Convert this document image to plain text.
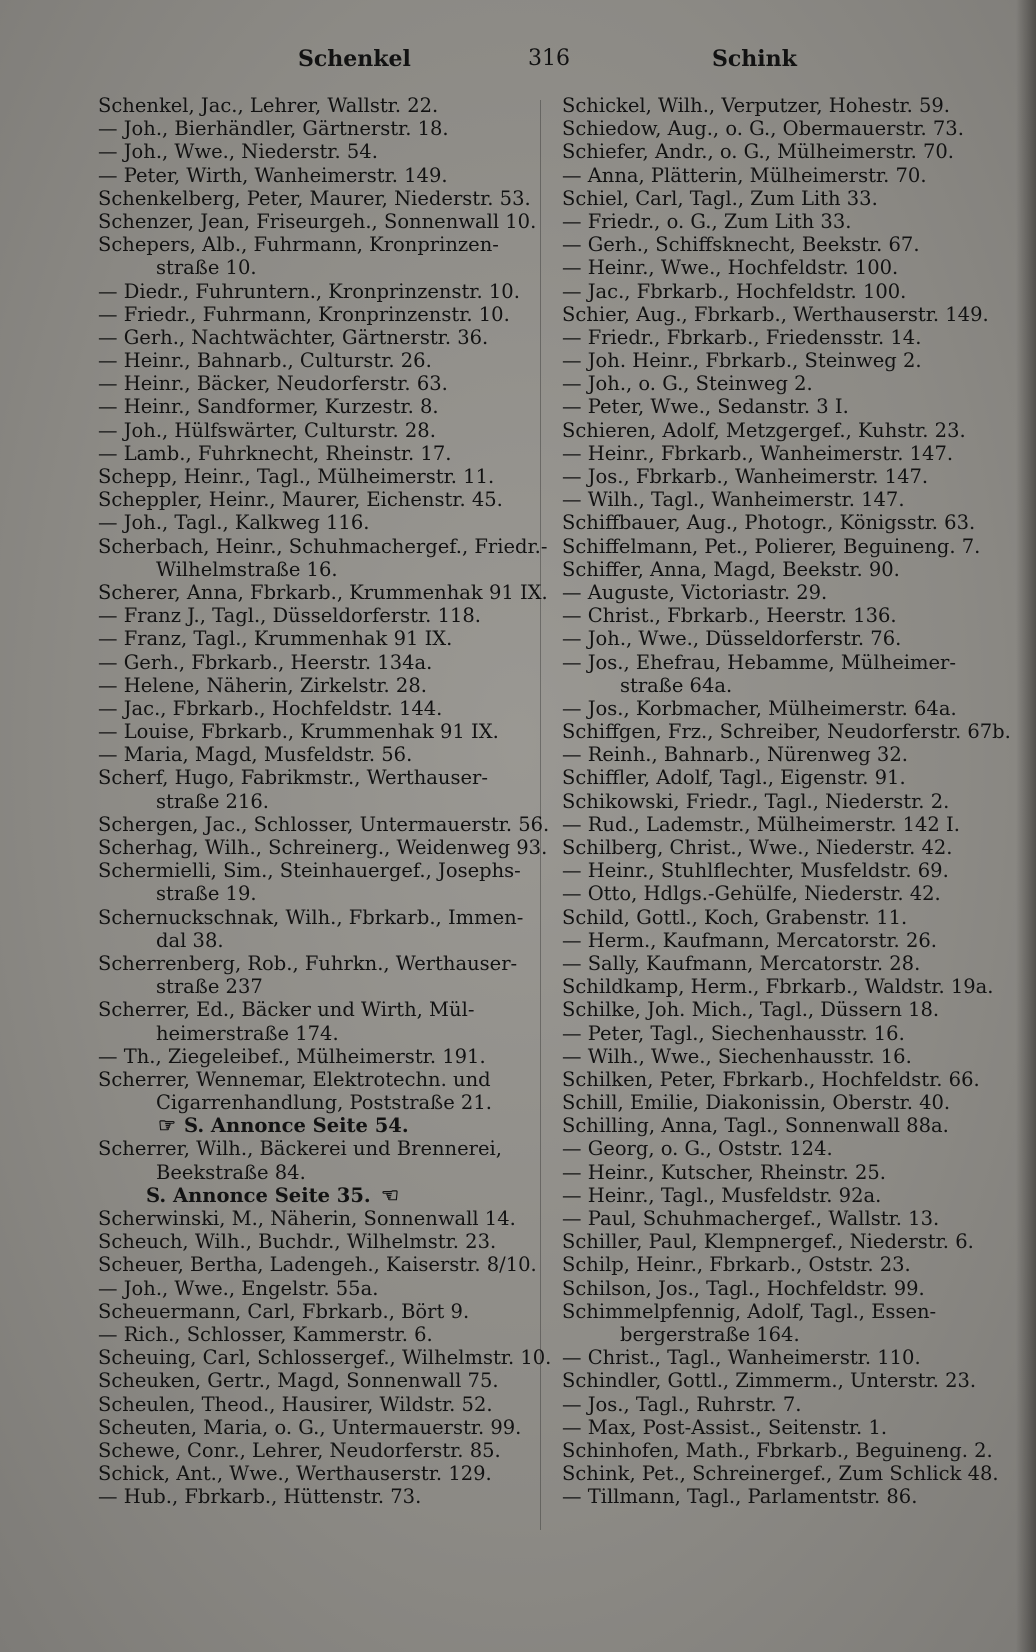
Schenkel	316	Schink
Schenkel, Jac., Lehrer, Wallstr. 22.
— Joh., Bierhändler, Gärtnerstr. 18.
— Joh., Wwe., Niederstr. 54.
— Peter, Wirth, Wanheimerstr. 149.
Schenkelberg, Peter, Maurer, Niederstr. 53.
Schenzer, Jean, Friseurgeh., Sonnenwall 10.
Schepers, Alb., Fuhrmann, Kronprinzen-
straße 10.
— Diedr., Fuhruntern., Kronprinzenstr. 10.
— Friedr., Fuhrmann, Kronprinzenstr. 10.
— Gerh., Nachtwächter, Gärtnerstr. 36.
— Heinr., Bahnarb., Culturstr. 26.
— Heinr., Bäcker, Neudorferstr. 63.
— Heinr., Sandformer, Kurzestr. 8.
— Joh., Hülfswärter, Culturstr. 28.
— Lamb., Fuhrknecht, Rheinstr. 17.
Schepp, Heinr., Tagl., Mülheimerstr. 11.
Scheppler, Heinr., Maurer, Eichenstr. 45.
— Joh., Tagl., Kalkweg 116.
Scherbach, Heinr., Schuhmachergef., Friedr.-
Wilhelmstraße 16.
Scherer, Anna, Fbrkarb., Krummenhak 91 IX.
— Franz J., Tagl., Düsseldorferstr. 118.
— Franz, Tagl., Krummenhak 91 IX.
— Gerh., Fbrkarb., Heerstr. 134a.
— Helene, Näherin, Zirkelstr. 28.
— Jac., Fbrkarb., Hochfeldstr. 144.
— Louise, Fbrkarb., Krummenhak 91 IX.
— Maria, Magd, Musfeldstr. 56.
Scherf, Hugo, Fabrikmstr., Werthauser-
straße 216.
Schergen, Jac., Schlosser, Untermauerstr. 56.
Scherhag, Wilh., Schreinerg., Weidenweg 93.
Schermielli, Sim., Steinhauergef., Josephs-
straße 19.
Schernuckschnak, Wilh., Fbrkarb., Immen-
dal 38.
Scherrenberg, Rob., Fuhrkn., Werthauser-
straße 237
Scherrer, Ed., Bäcker und Wirth, Mül-
heimerstraße 174.
— Th., Ziegeleibef., Mülheimerstr. 191.
Scherrer, Wennemar, Elektrotechn. und
Cigarrenhandlung, Poststraße 21.
☞ S. Annonce Seite 54.
Scherrer, Wilh., Bäckerei und Brennerei,
Beekstraße 84.
S. Annonce Seite 35. ☞
Scherwinski, M., Näherin, Sonnenwall 14.
Scheuch, Wilh., Buchdr., Wilhelmstr. 23.
Scheuer, Bertha, Ladengeh., Kaiserstr. 8/10.
— Joh., Wwe., Engelstr. 55a.
Scheuermann, Carl, Fbrkarb., Bört 9.
— Rich., Schlosser, Kammerstr. 6.
Scheuing, Carl, Schlossergef., Wilhelmstr. 10.
Scheuken, Gertr., Magd, Sonnenwall 75.
Scheulen, Theod., Hausirer, Wildstr. 52.
Scheuten, Maria, o. G., Untermauerstr. 99.
Schewe, Conr., Lehrer, Neudorferstr. 85.
Schick, Ant., Wwe., Werthauserstr. 129.
— Hub., Fbrkarb., Hüttenstr. 73.
Schickel, Wilh., Verputzer, Hohestr. 59.
Schiedow, Aug., o. G., Obermauerstr. 73.
Schiefer, Andr., o. G., Mülheimerstr. 70.
— Anna, Plätterin, Mülheimerstr. 70.
Schiel, Carl, Tagl., Zum Lith 33.
— Friedr., o. G., Zum Lith 33.
— Gerh., Schiffsknecht, Beekstr. 67.
— Heinr., Wwe., Hochfeldstr. 100.
— Jac., Fbrkarb., Hochfeldstr. 100.
Schier, Aug., Fbrkarb., Werthauserstr. 149.
— Friedr., Fbrkarb., Friedensstr. 14.
— Joh. Heinr., Fbrkarb., Steinweg 2.
— Joh., o. G., Steinweg 2.
— Peter, Wwe., Sedanstr. 3 I.
Schieren, Adolf, Metzgergef., Kuhstr. 23.
— Heinr., Fbrkarb., Wanheimerstr. 147.
— Jos., Fbrkarb., Wanheimerstr. 147.
— Wilh., Tagl., Wanheimerstr. 147.
Schiffbauer, Aug., Photogr., Königsstr. 63.
Schiffelmann, Pet., Polierer, Beguineng. 7.
Schiffer, Anna, Magd, Beekstr. 90.
— Auguste, Victoriastr. 29.
— Christ., Fbrkarb., Heerstr. 136.
— Joh., Wwe., Düsseldorferstr. 76.
— Jos., Ehefrau, Hebamme, Mülheimer-
straße 64a.
— Jos., Korbmacher, Mülheimerstr. 64a.
Schiffgen, Frz., Schreiber, Neudorferstr. 67b.
— Reinh., Bahnarb., Nürenweg 32.
Schiffler, Adolf, Tagl., Eigenstr. 91.
Schikowski, Friedr., Tagl., Niederstr. 2.
— Rud., Lademstr., Mülheimerstr. 142 I.
Schilberg, Christ., Wwe., Niederstr. 42.
— Heinr., Stuhlflechter, Musfeldstr. 69.
— Otto, Hdlgs.-Gehülfe, Niederstr. 42.
Schild, Gottl., Koch, Grabenstr. 11.
— Herm., Kaufmann, Mercatorstr. 26.
— Sally, Kaufmann, Mercatorstr. 28.
Schildkamp, Herm., Fbrkarb., Waldstr. 19a.
Schilke, Joh. Mich., Tagl., Düssern 18.
— Peter, Tagl., Siechenhausstr. 16.
— Wilh., Wwe., Siechenhausstr. 16.
Schilken, Peter, Fbrkarb., Hochfeldstr. 66.
Schill, Emilie, Diakonissin, Oberstr. 40.
Schilling, Anna, Tagl., Sonnenwall 88a.
— Georg, o. G., Oststr. 124.
— Heinr., Kutscher, Rheinstr. 25.
— Heinr., Tagl., Musfeldstr. 92a.
— Paul, Schuhmachergef., Wallstr. 13.
Schiller, Paul, Klempnergef., Niederstr. 6.
Schilp, Heinr., Fbrkarb., Oststr. 23.
Schilson, Jos., Tagl., Hochfeldstr. 99.
Schimmelpfennig, Adolf, Tagl., Essen-
bergerstraße 164.
— Christ., Tagl., Wanheimerstr. 110.
Schindler, Gottl., Zimmerm., Unterstr. 23.
— Jos., Tagl., Ruhrstr. 7.
— Max, Post-Assist., Seitenstr. 1.
Schinhofen, Math., Fbrkarb., Beguineng. 2.
Schink, Pet., Schreinergef., Zum Schlick 48.
— Tillmann, Tagl., Parlamentstr. 86.
